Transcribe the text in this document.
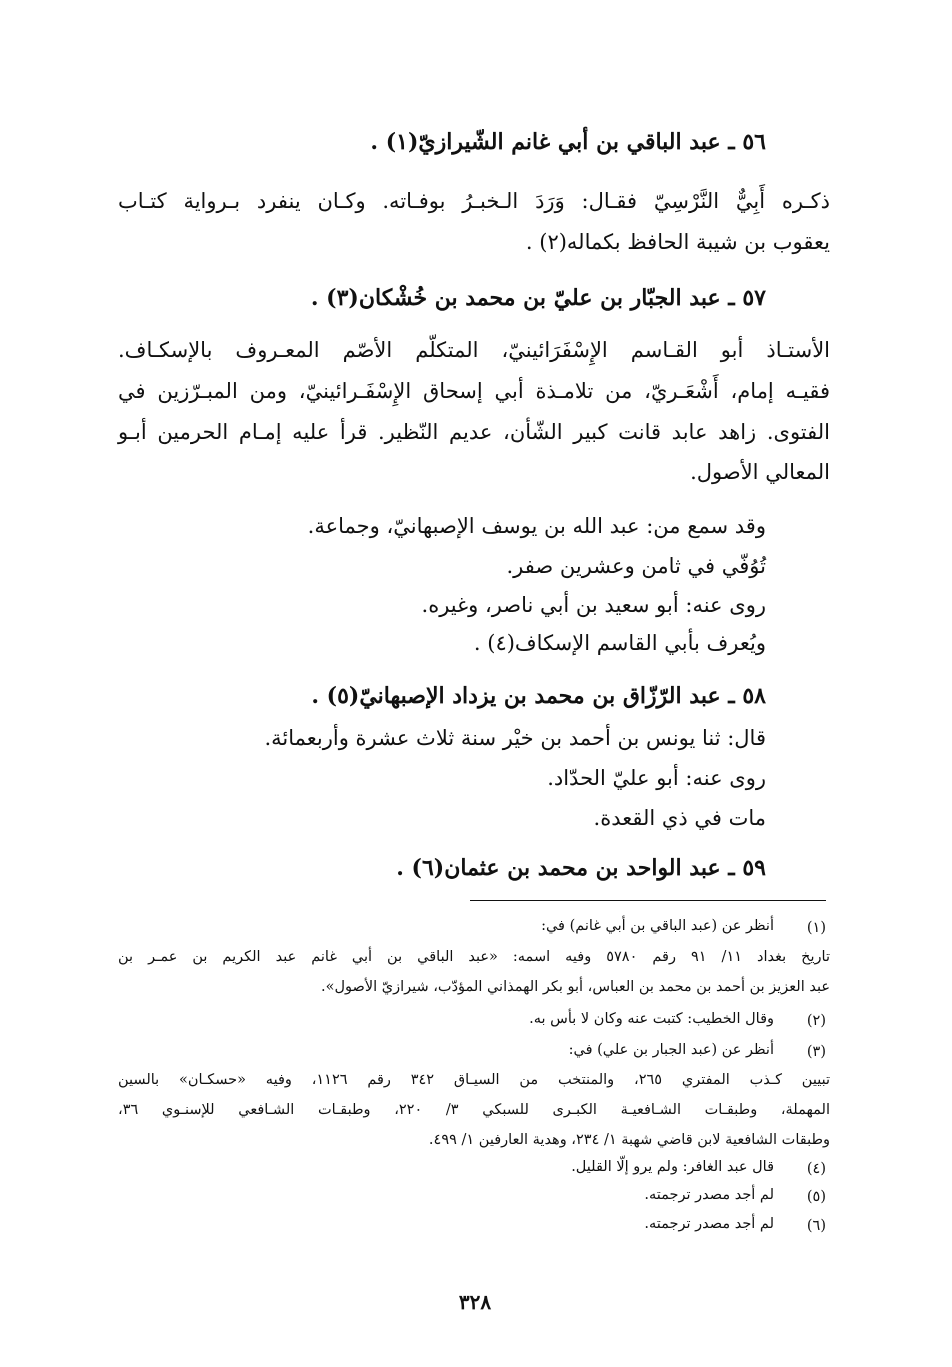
٥٦ ـ عبد الباقي بن أبي غانم الشّيرازيّ(١) .
ذكـره أَبِيٌّ النَّرْسِيّ فقـال: وَرَدَ الـخبـرُ بوفـاته. وكـان ينفرد بـرواية كتـاب
يعقوب بن شيبة الحافظ بكماله(٢) .
٥٧ ـ عبد الجبّار بن عليّ بن محمد بن خُشْكان(٣) .
الأستـاذ أبو القـاسم الإِسْفَرَائينيّ، المتكلّم الأصّم المعـروف بالإسكـاف.
فقيـه إمام، أَشْعَـريّ، من تلامـذة أبي إسحاق الإِسْفَـرائينيّ، ومن المبـرّزين في
الفتوى. زاهد عابد قانت كبير الشّأن، عديم النّظير. قرأ عليه إمـام الحرمين أبـو
المعالي الأصول.
وقد سمع من: عبد الله بن يوسف الإصبهانيّ، وجماعة.
تُوُفّي في ثامن وعشرين صفر.
روى عنه: أبو سعيد بن أبي ناصر، وغيره.
ويُعرف بأبي القاسم الإسكاف(٤) .
٥٨ ـ عبد الرّزّاق بن محمد بن يزداد الإصبهانيّ(٥) .
قال: ثنا يونس بن أحمد بن خيْر سنة ثلاث عشرة وأربعمائة.
روى عنه: أبو عليّ الحدّاد.
مات في ذي القعدة.
٥٩ ـ عبد الواحد بن محمد بن عثمان(٦) .
(١)
أنظر عن (عبد الباقي بن أبي غانم) في:
تاريخ بغداد ١١/ ٩١ رقم ٥٧٨٠ وفيه اسمه: «عبد الباقي بن أبي غانم عبد الكريم بن عمـر بن
عبد العزيز بن أحمد بن محمد بن العباس، أبو بكر الهمذاني المؤدّب، شيرازيّ الأصول».
(٢)
وقال الخطيب: كتبت عنه وكان لا بأس به.
(٣)
أنظر عن (عبد الجبار بن علي) في:
تبيين كـذب المفتري ٢٦٥، والمنتخب من السيـاق ٣٤٢ رقم ١١٢٦، وفيه «حسكـان» بالسين
المهملة، وطبقـات الشـافعيـة الكبـرى للسبكي ٣/ ٢٢٠، وطبقـات الشـافعي للإسنـوي ٣٦،
وطبقات الشافعية لابن قاضي شهبة ١/ ٢٣٤، وهدية العارفين ١/ ٤٩٩.
(٤)
قال عبد الغافر: ولم يرو إلّا القليل.
(٥)
لم أجد مصدر ترجمته.
(٦)
لم أجد مصدر ترجمته.
٣٢٨
